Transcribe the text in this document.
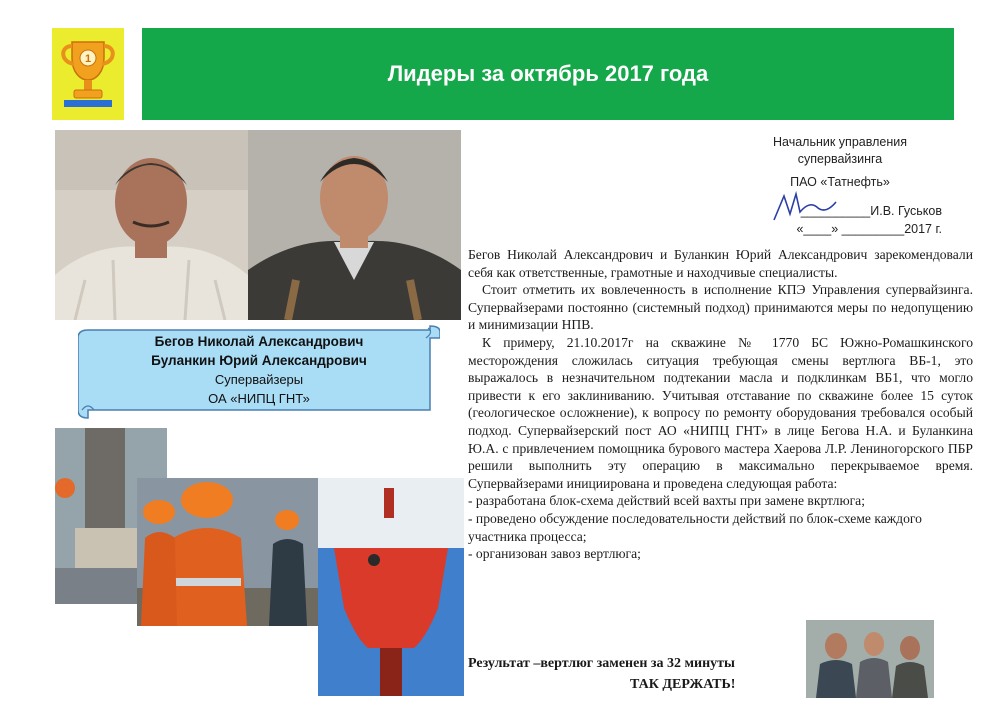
1
Лидеры за октябрь 2017 года
Бегов Николай Александрович
Буланкин Юрий Александрович
Супервайзеры
ОА «НИПЦ ГНТ»
Начальник управления
супервайзинга
ПАО «Татнефть»
__________И.В. Гуськов
«____» _________2017 г.

Бегов Николай Александрович и Буланкин Юрий Александрович зарекомендовали себя как ответственные, грамотные и находчивые специалисты.

Стоит отметить их вовлеченность в исполнение КПЭ Управления супервайзинга. Супервайзерами постоянно (системный подход) принимаются меры по недопущению и минимизации НПВ.

К примеру, 21.10.2017г на скважине № 1770 БС Южно-Ромашкинского месторождения сложилась ситуация требующая смены вертлюга ВБ-1, это выражалось в незначительном подтекании масла и подклинкам ВБ1, что могло привести к его заклиниванию. Учитывая отставание по скважине более 15 суток (геологическое осложнение), к вопросу по ремонту оборудования требовался особый подход. Супервайзерский пост АО «НИПЦ ГНТ» в лице Бегова Н.А. и Буланкина Ю.А. с привлечением помощника бурового мастера Хаерова Л.Р. Лениногорского ПБР решили выполнить эту операцию в максимально перекрываемое время. Супервайзерами инициирована и проведена следующая работа:

- разработана блок-схема действий всей вахты при замене вкртлюга;

- проведено обсуждение последовательности действий по блок-схеме каждого участника процесса;

- организован завоз вертлюга;

Результат –вертлюг заменен за 32 минуты
ТАК ДЕРЖАТЬ!
